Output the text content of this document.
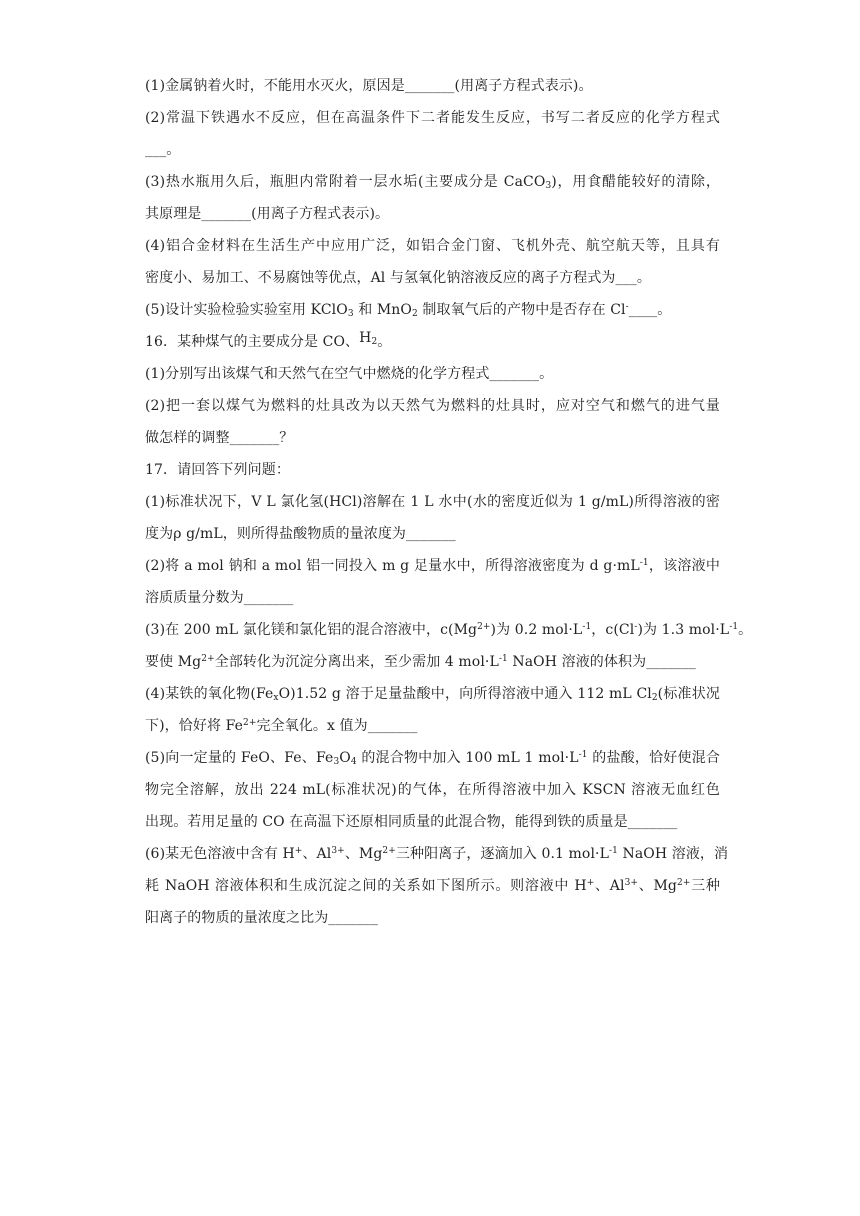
(1)金属钠着火时，不能用水灭火，原因是_______(用离子方程式表示)。
(2)常温下铁遇水不反应，但在高温条件下二者能发生反应，书写二者反应的化学方程式
___。
(3)热水瓶用久后，瓶胆内常附着一层水垢(主要成分是 CaCO$_3$)，用食醋能较好的清除，
其原理是_______(用离子方程式表示)。
(4)铝合金材料在生活生产中应用广泛，如铝合金门窗、飞机外壳、航空航天等，且具有
密度小、易加工、不易腐蚀等优点，Al 与氢氧化钠溶液反应的离子方程式为___。
(5)设计实验检验实验室用 KClO$_3$ 和 MnO$_2$ 制取氧气后的产物中是否存在 Cl-____。
16．某种煤气的主要成分是 CO、$H_2$。
(1)分别写出该煤气和天然气在空气中燃烧的化学方程式_______。
(2)把一套以煤气为燃料的灶具改为以天然气为燃料的灶具时，应对空气和燃气的进气量
做怎样的调整_______？
17．请回答下列问题：
(1)标准状况下，V L 氯化氢(HCl)溶解在 1 L 水中(水的密度近似为 1 g/mL)所得溶液的密
度为ρ g/mL，则所得盐酸物质的量浓度为_______
(2)将 a mol 钠和 a mol 铝一同投入 m g 足量水中，所得溶液密度为 d $g\cdot mL^{-1}$，该溶液中
溶质质量分数为_______
(3)在 200 mL 氯化镁和氯化铝的混合溶液中，$c(Mg^{2+})$为 0.2 $mol\cdot L^{-1}$，c(Cl-)为 1.3 $mol\cdot L^{-1}$。
要使 $Mg^{2+}$全部转化为沉淀分离出来，至少需加 4 $mol\cdot L^{-1}$ NaOH 溶液的体积为_______
(4)某铁的氧化物$(Fe_xO)1.52$ g 溶于足量盐酸中，向所得溶液中通入 112 mL $Cl_2$(标准状况
下)，恰好将 $Fe^{2+}$完全氧化。x 值为_______
(5)向一定量的 FeO、Fe、$Fe_3O_4$ 的混合物中加入 100 mL 1 $mol\cdot L^{-1}$ 的盐酸，恰好使混合
物完全溶解，放出 224 mL(标准状况)的气体，在所得溶液中加入 KSCN 溶液无血红色
出现。若用足量的 CO 在高温下还原相同质量的此混合物，能得到铁的质量是_______
(6)某无色溶液中含有 H+、$Al^{3+}$、$Mg^{2+}$三种阳离子，逐滴加入 0.1 $mol\cdot L^{-1}$ NaOH 溶液，消
耗 NaOH 溶液体积和生成沉淀之间的关系如下图所示。则溶液中 H+、$Al^{3+}$、$Mg^{2+}$三种
阳离子的物质的量浓度之比为_______
